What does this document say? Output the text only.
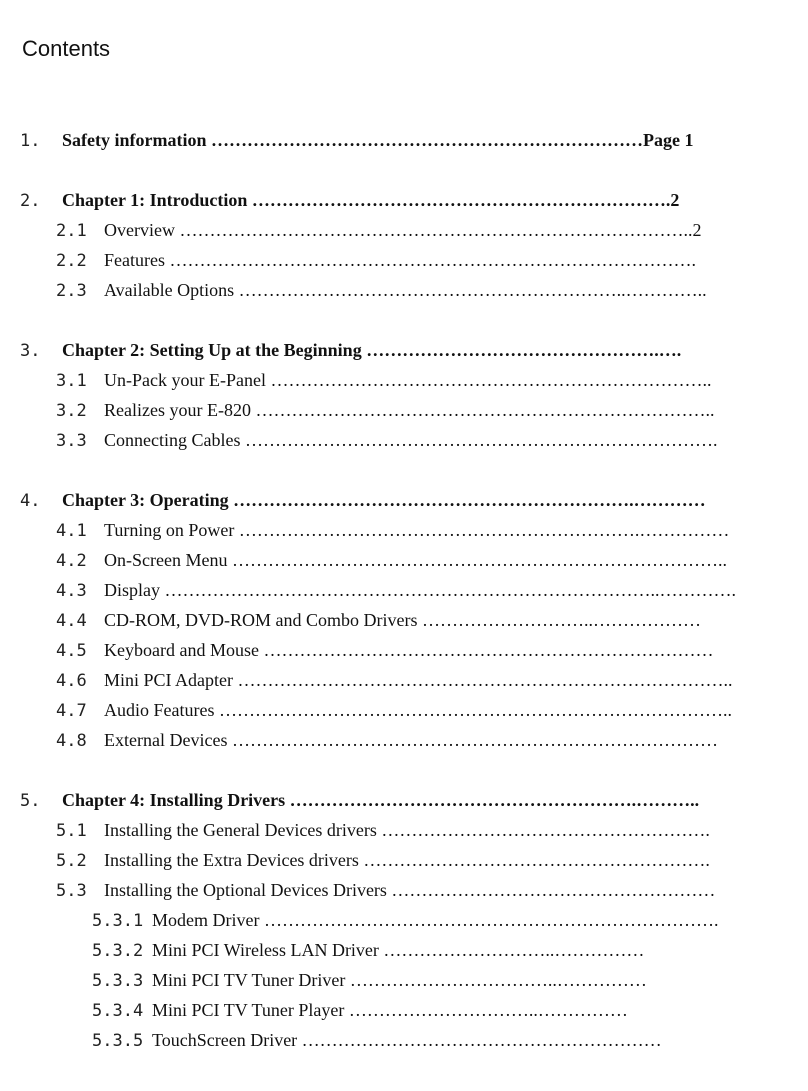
Contents
1. Safety information ………………………………………………………………Page 1
2. Chapter 1: Introduction …………………………………………………………….2
2.1 Overview …………………………………………………………………………..2
2.2 Features …………………………………………………………………………….
2.3 Available Options ………………………………………………………..…………..
3. Chapter 2: Setting Up at the Beginning ………………………………………….….
3.1 Un-Pack your E-Panel ………………………………………………………………..
3.2 Realizes your E-820 …………………………………………………………………..
3.3 Connecting Cables …………………………………………………………………….
4. Chapter 3: Operating ………………………………………………………….…………
4.1 Turning on Power ………………………………………………………….……………
4.2 On-Screen Menu ………………………………………………………………………..
4.3 Display ………………………………………………………………………..………….
4.4 CD-ROM, DVD-ROM and Combo Drivers ………………………..………………
4.5 Keyboard and Mouse …………………………………………………………………
4.6 Mini PCI Adapter ………………………………………………………………………..
4.7 Audio Features …………………………………………………………………………..
4.8 External Devices ………………………………………………………………………
5. Chapter 4: Installing Drivers ………………………………………………….………..
5.1 Installing the General Devices drivers ……………………………………………….
5.2 Installing the Extra Devices drivers ………………………………………………….
5.3 Installing the Optional Devices Drivers ………………………………………………
5.3.1 Modem Driver ………………………………………………………………….
5.3.2 Mini PCI Wireless LAN Driver ………………………..……………
5.3.3 Mini PCI TV Tuner Driver ……………………………..……………
5.3.4 Mini PCI TV Tuner Player …………………………..……………
5.3.5 TouchScreen Driver ……………………………………………………
